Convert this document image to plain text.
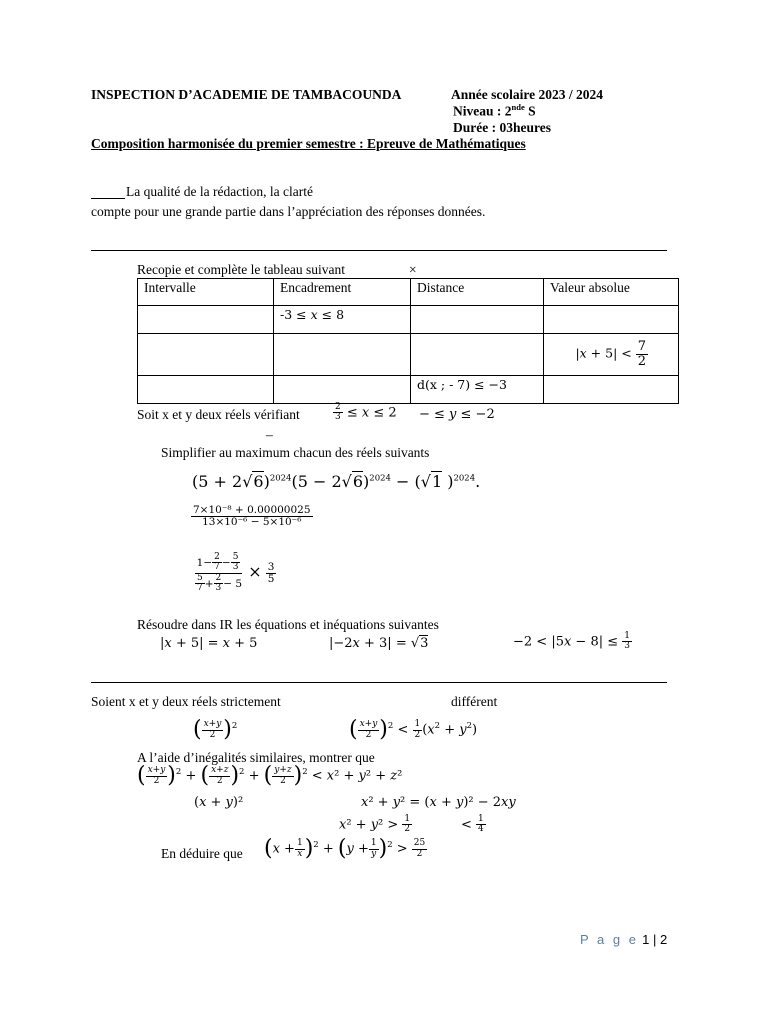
INSPECTION D’ACADEMIE DE TAMBACOUNDA	Année scolaire 2023 / 2024
Niveau : 2nde S
Durée : 03heures
Composition harmonisée du premier semestre : Epreuve de Mathématiques
La qualité de la rédaction, la clarté
compte pour une grande partie dans l’appréciation des réponses données.
Recopie et complète le tableau suivant	×
Intervalle	Encadrement	Distance	Valeur absolue
	-3 ≤ 𝑥 ≤ 8		
			|𝑥 + $5| < \frac{7}{2}$

		d(x ; - 7) ≤ −3	
Soit x et y deux réels vérifiant	$\frac{2}{3}$ ≤ 𝑥 ≤ 2 − ≤ 𝑦 ≤ −2
–
Simplifier au maximum chacun des réels suivants
$(5 + 2√6)^{2024}(5 - 2√6)^{2024} - (√1$ )$^{2024}$.
$\frac{\text{7×10⁻⁸ + 0.00000025}}{\text{13×10⁻⁶ − 5×10⁻⁶}}$
$\frac{1- \frac{2}{7} - \frac{5}{3}}{\frac{5}{7} + \frac{2}{3} - 5} \times \frac{3}{5}$
Résoudre dans IR les équations et inéquations suivantes
|𝑥 + 5| = 𝑥 + 5	|−2𝑥 + 3| = √3	−2 < |5𝑥 − $8| \le \frac{1}{3}$
Soient x et y deux réels strictement	différent
( $\frac{\text{𝑥+𝑦}}{2} )^2$	( $\frac{\text{𝑥+𝑦}}{2} )^2 < \frac{1}{2}$ (𝑥$^2$ + 𝑦$^2$)
A l’aide d’inégalités similaires, montrer que
( $\frac{\text{𝑥+𝑦}}{2} )^2$ + ( $\frac{\text{𝑥+𝑧}}{2} )^2$ + ( $\frac{\text{𝑦+𝑧}}{2} )^2$ < 𝑥² + 𝑦² + 𝑧²
(𝑥 + 𝑦)²	𝑥² + 𝑦² = (𝑥 + 𝑦)² − 2𝑥𝑦
𝑥² + 𝑦² > $\frac{1}{2}$	< $\frac{1}{4}$
En déduire que (𝑥 + $\frac{1}{\text{𝑥}} )^2$ + (𝑦 + $\frac{1}{\text{𝑦}} )^2 > \frac{25}{2}$
P a g e 1 | 2
